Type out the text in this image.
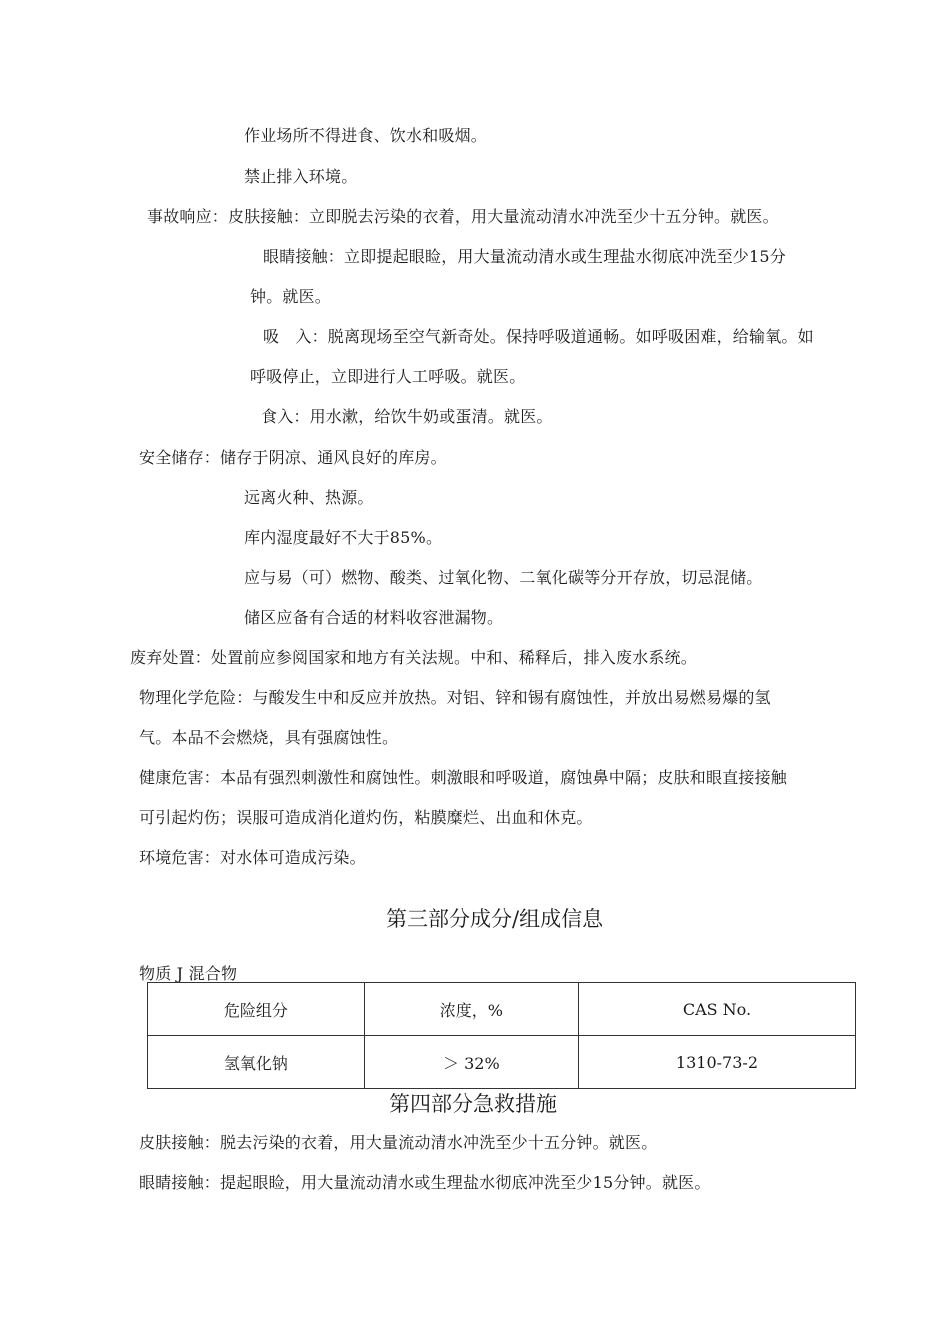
作业场所不得进食、饮水和吸烟。
禁止排入环境。
事故响应：皮肤接触：立即脱去污染的衣着，用大量流动清水冲洗至少十五分钟。就医。
眼睛接触：立即提起眼睑，用大量流动清水或生理盐水彻底冲洗至少15分
钟。就医。
吸　入：脱离现场至空气新奇处。保持呼吸道通畅。如呼吸困难，给输氧。如
呼吸停止，立即进行人工呼吸。就医。
食入：用水漱，给饮牛奶或蛋清。就医。
安全储存：储存于阴凉、通风良好的库房。
远离火种、热源。
库内湿度最好不大于85%。
应与易（可）燃物、酸类、过氧化物、二氧化碳等分开存放，切忌混储。
储区应备有合适的材料收容泄漏物。
废弃处置：处置前应参阅国家和地方有关法规。中和、稀释后，排入废水系统。
物理化学危险：与酸发生中和反应并放热。对铝、锌和锡有腐蚀性，并放出易燃易爆的氢
气。本品不会燃烧，具有强腐蚀性。
健康危害：本品有强烈刺激性和腐蚀性。刺激眼和呼吸道，腐蚀鼻中隔；皮肤和眼直接接触
可引起灼伤；误服可造成消化道灼伤，粘膜糜烂、出血和休克。
环境危害：对水体可造成污染。
第三部分成分/组成信息
物质 J 混合物
危险组分	浓度，%	CAS No.
氢氧化钠	＞ 32%	1310-73-2
第四部分急救措施
皮肤接触：脱去污染的衣着，用大量流动清水冲洗至少十五分钟。就医。
眼睛接触：提起眼睑，用大量流动清水或生理盐水彻底冲洗至少15分钟。就医。
